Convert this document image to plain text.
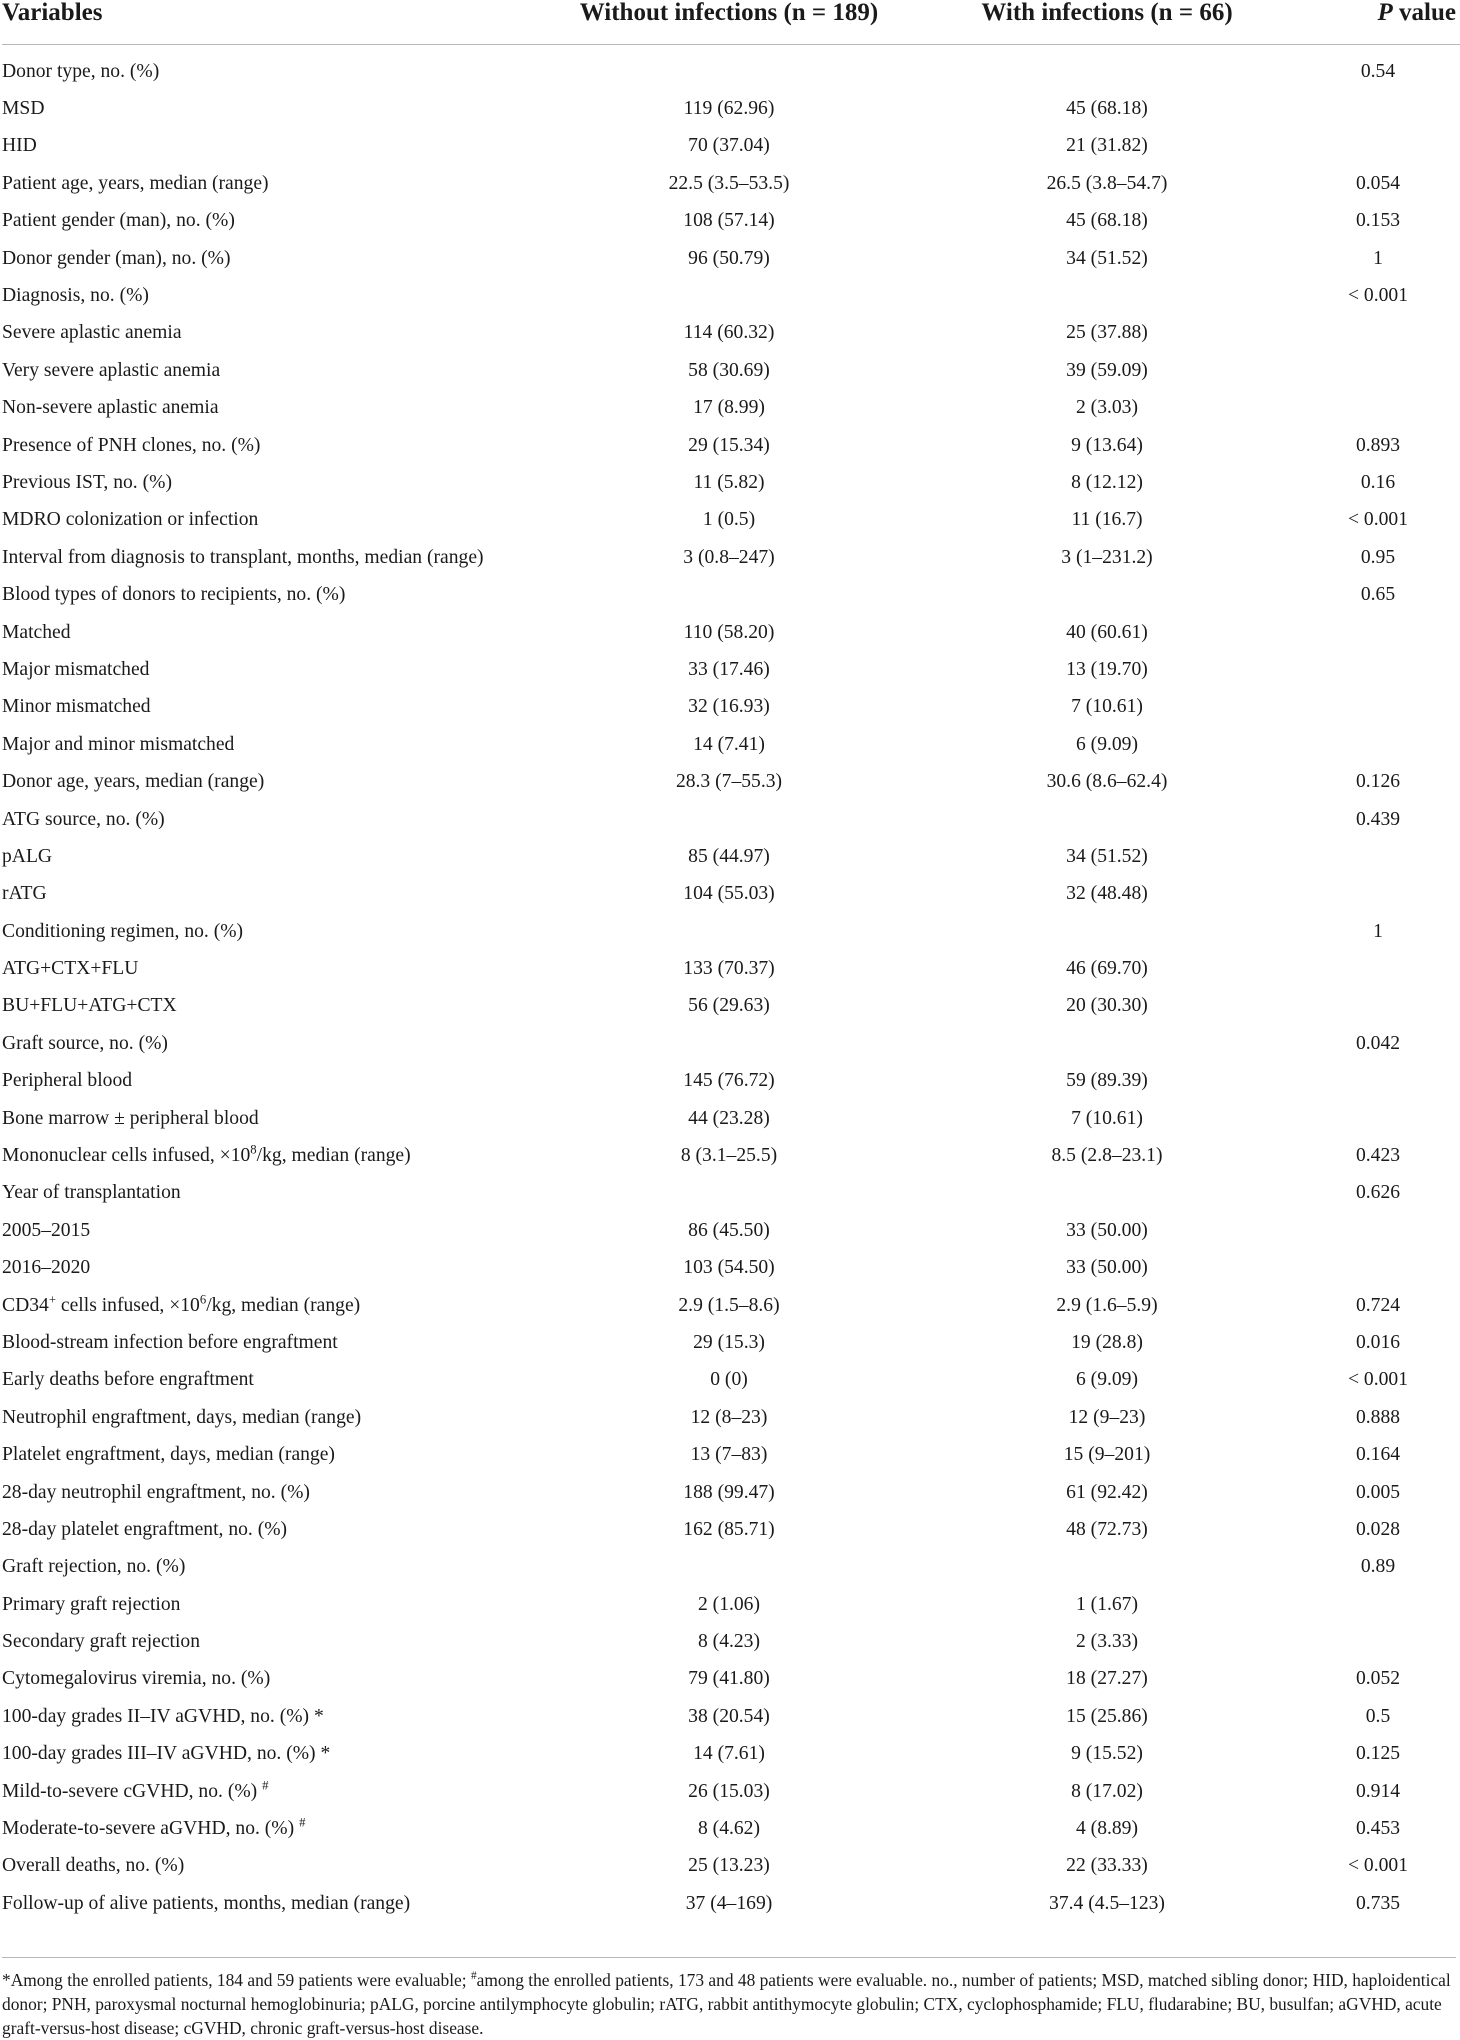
Variables	Without infections (n = 189)	With infections (n = 66)	P value
Donor type, no. (%)			0.54
MSD	119 (62.96)	45 (68.18)	
HID	70 (37.04)	21 (31.82)	
Patient age, years, median (range)	22.5 (3.5–53.5)	26.5 (3.8–54.7)	0.054
Patient gender (man), no. (%)	108 (57.14)	45 (68.18)	0.153
Donor gender (man), no. (%)	96 (50.79)	34 (51.52)	1
Diagnosis, no. (%)			< 0.001
Severe aplastic anemia	114 (60.32)	25 (37.88)	
Very severe aplastic anemia	58 (30.69)	39 (59.09)	
Non-severe aplastic anemia	17 (8.99)	2 (3.03)	
Presence of PNH clones, no. (%)	29 (15.34)	9 (13.64)	0.893
Previous IST, no. (%)	11 (5.82)	8 (12.12)	0.16
MDRO colonization or infection	1 (0.5)	11 (16.7)	< 0.001
Interval from diagnosis to transplant, months, median (range)	3 (0.8–247)	3 (1–231.2)	0.95
Blood types of donors to recipients, no. (%)			0.65
Matched	110 (58.20)	40 (60.61)	
Major mismatched	33 (17.46)	13 (19.70)	
Minor mismatched	32 (16.93)	7 (10.61)	
Major and minor mismatched	14 (7.41)	6 (9.09)	
Donor age, years, median (range)	28.3 (7–55.3)	30.6 (8.6–62.4)	0.126
ATG source, no. (%)			0.439
pALG	85 (44.97)	34 (51.52)	
rATG	104 (55.03)	32 (48.48)	
Conditioning regimen, no. (%)			1
ATG+CTX+FLU	133 (70.37)	46 (69.70)	
BU+FLU+ATG+CTX	56 (29.63)	20 (30.30)	
Graft source, no. (%)			0.042
Peripheral blood	145 (76.72)	59 (89.39)	
Bone marrow ± peripheral blood	44 (23.28)	7 (10.61)	
Mononuclear cells infused, $\times 10^8/kg$, median (range)	8 (3.1–25.5)	8.5 (2.8–23.1)	0.423
Year of transplantation			0.626
2005–2015	86 (45.50)	33 (50.00)	
2016–2020	103 (54.50)	33 (50.00)	
CD34+ cells infused, $\times 10^6/kg$, median (range)	2.9 (1.5–8.6)	2.9 (1.6–5.9)	0.724
Blood-stream infection before engraftment	29 (15.3)	19 (28.8)	0.016
Early deaths before engraftment	0 (0)	6 (9.09)	< 0.001
Neutrophil engraftment, days, median (range)	12 (8–23)	12 (9–23)	0.888
Platelet engraftment, days, median (range)	13 (7–83)	15 (9–201)	0.164
28-day neutrophil engraftment, no. (%)	188 (99.47)	61 (92.42)	0.005
28-day platelet engraftment, no. (%)	162 (85.71)	48 (72.73)	0.028
Graft rejection, no. (%)			0.89
Primary graft rejection	2 (1.06)	1 (1.67)	
Secondary graft rejection	8 (4.23)	2 (3.33)	
Cytomegalovirus viremia, no. (%)	79 (41.80)	18 (27.27)	0.052
100-day grades II–IV aGVHD, no. (%) *	38 (20.54)	15 (25.86)	0.5
100-day grades III–IV aGVHD, no. (%) *	14 (7.61)	9 (15.52)	0.125
Mild-to-severe cGVHD, no. (%) #	26 (15.03)	8 (17.02)	0.914
Moderate-to-severe aGVHD, no. (%) #	8 (4.62)	4 (8.89)	0.453
Overall deaths, no. (%)	25 (13.23)	22 (33.33)	< 0.001
Follow-up of alive patients, months, median (range)	37 (4–169)	37.4 (4.5–123)	0.735
*Among the enrolled patients, 184 and 59 patients were evaluable; #among the enrolled patients, 173 and 48 patients were evaluable. no., number of patients; MSD, matched sibling donor; HID, haploidentical donor; PNH, paroxysmal nocturnal hemoglobinuria; pALG, porcine antilymphocyte globulin; rATG, rabbit antithymocyte globulin; CTX, cyclophosphamide; FLU, fludarabine; BU, busulfan; aGVHD, acute graft-versus-host disease; cGVHD, chronic graft-versus-host disease.
